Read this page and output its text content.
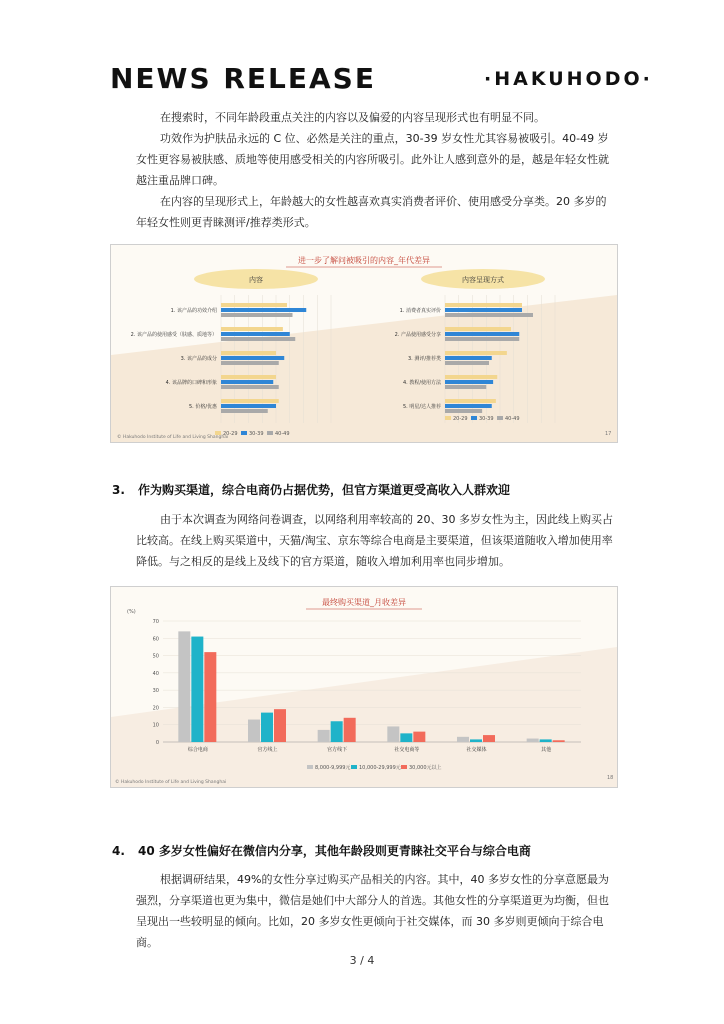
NEWS RELEASE	·HAKUHODO·

在搜索时，不同年龄段重点关注的内容以及偏爱的内容呈现形式也有明显不同。

功效作为护肤品永远的 C 位、必然是关注的重点，30-39 岁女性尤其容易被吸引。40-49 岁女性更容易被肤感、质地等使用感受相关的内容所吸引。此外让人感到意外的是，越是年轻女性就越注重品牌口碑。

在内容的呈现形式上，年龄越大的女性越喜欢真实消费者评价、使用感受分享类。20 多岁的年轻女性则更青睐测评/推荐类形式。

进一步了解问被吸引的内容_年代差异
内容	内容呈现方式
1. 该产品的功效介绍
2. 该产品的使用感受（肤感、质地等）
3. 该产品的成分
4. 该品牌的口碑和形象
5. 价格/优惠
1. 消费者真实评价
2. 产品使用感受分享
3. 测评/推荐类
4. 教程/使用方法
5. 明星/达人推荐
20-29 30-39 40-49
20-29 30-39 40-49
© Hakuhodo Institute of Life and Living Shanghai
17
3. 作为购买渠道，综合电商仍占据优势，但官方渠道更受高收入人群欢迎

由于本次调查为网络问卷调查，以网络利用率较高的 20、30 多岁女性为主，因此线上购买占比较高。在线上购买渠道中，天猫/淘宝、京东等综合电商是主要渠道，但该渠道随收入增加使用率降低。与之相反的是线上及线下的官方渠道，随收入增加利用率也同步增加。

最终购买渠道_月收差异
(%)
0
10
20
30
40
50
60
70
综合电商	官方线上	官方线下	社交电商等	社交媒体	其他
8,000-9,999元 10,000-29,999元 30,000元以上
© Hakuhodo Institute of Life and Living Shanghai
18
4. 40 多岁女性偏好在微信内分享，其他年龄段则更青睐社交平台与综合电商

根据调研结果，49%的女性分享过购买产品相关的内容。其中，40 多岁女性的分享意愿最为强烈，分享渠道也更为集中，微信是她们中大部分人的首选。其他女性的分享渠道更为均衡，但也呈现出一些较明显的倾向。比如，20 多岁女性更倾向于社交媒体，而 30 多岁则更倾向于综合电商。

3 / 4
